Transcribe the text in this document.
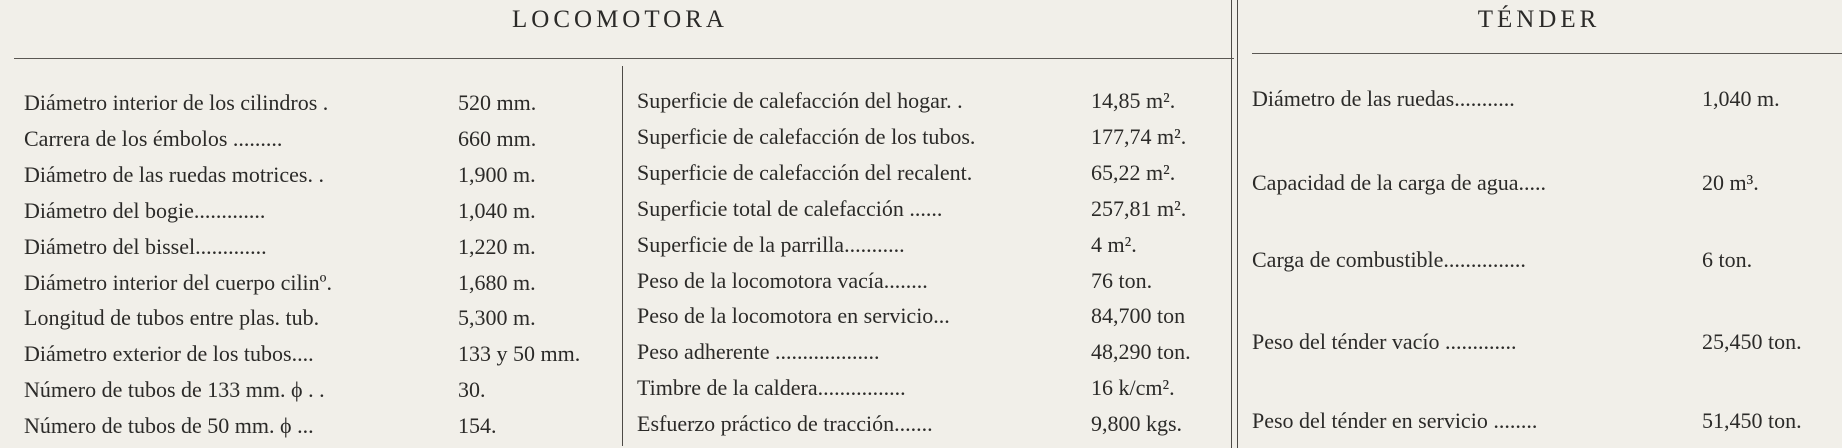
LOCOMOTORA	TÉNDER
Diámetro interior de los cilindros .	520 mm.
Carrera de los émbolos .........	660 mm.
Diámetro de las ruedas motrices. .	1,900 m.
Diámetro del bogie.............	1,040 m.
Diámetro del bissel.............	1,220 m.
Diámetro interior del cuerpo cilinº.	1,680 m.
Longitud de tubos entre plas. tub.	5,300 m.
Diámetro exterior de los tubos....	133 y 50 mm.
Número de tubos de 133 mm. ϕ . .	30.
Número de tubos de 50 mm. ϕ ...	154.
Superficie de calefacción del hogar. .	14,85 m².
Superficie de calefacción de los tubos.	177,74 m².
Superficie de calefacción del recalent.	65,22 m².
Superficie total de calefacción ......	257,81 m².
Superficie de la parrilla...........	4 m².
Peso de la locomotora vacía........	76 ton.
Peso de la locomotora en servicio...	84,700 ton
Peso adherente ...................	48,290 ton.
Timbre de la caldera................	16 k/cm².
Esfuerzo práctico de tracción.......	9,800 kgs.
Diámetro de las ruedas...........	1,040 m.
Capacidad de la carga de agua.....	20 m³.
Carga de combustible...............	6 ton.
Peso del ténder vacío .............	25,450 ton.
Peso del ténder en servicio ........	51,450 ton.
